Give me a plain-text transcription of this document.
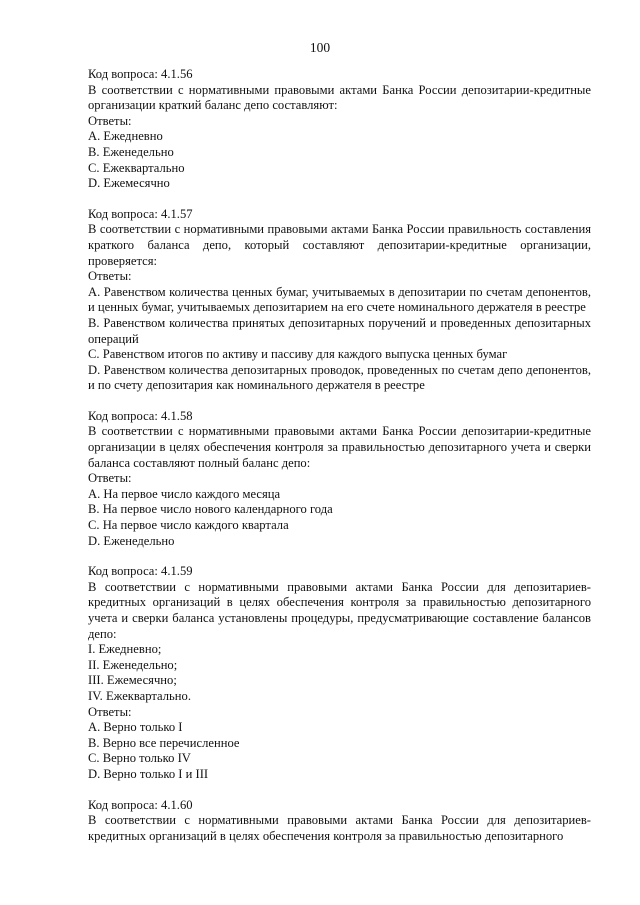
100
Код вопроса: 4.1.56
В соответствии с нормативными правовыми актами Банка России депозитарии-кредитные организации краткий баланс депо составляют:
Ответы:
A. Ежедневно
B. Еженедельно
C. Ежеквартально
D. Ежемесячно
Код вопроса: 4.1.57
В соответствии с нормативными правовыми актами Банка России правильность составления краткого баланса депо, который составляют депозитарии-кредитные организации, проверяется:
Ответы:
A. Равенством количества ценных бумаг, учитываемых в депозитарии по счетам депонентов, и ценных бумаг, учитываемых депозитарием на его счете номинального держателя в реестре
B. Равенством количества принятых депозитарных поручений и проведенных депозитарных операций
C. Равенством итогов по активу и пассиву для каждого выпуска ценных бумаг
D. Равенством количества депозитарных проводок, проведенных по счетам депо депонентов, и по счету депозитария как номинального держателя в реестре
Код вопроса: 4.1.58
В соответствии с нормативными правовыми актами Банка России депозитарии-кредитные организации в целях обеспечения контроля за правильностью депозитарного учета и сверки баланса составляют полный баланс депо:
Ответы:
A. На первое число каждого месяца
B. На первое число нового календарного года
C. На первое число каждого квартала
D. Еженедельно
Код вопроса: 4.1.59
В соответствии с нормативными правовыми актами Банка России для депозитариев-кредитных организаций в целях обеспечения контроля за правильностью депозитарного учета и сверки баланса установлены процедуры, предусматривающие составление балансов депо:
I. Ежедневно;
II. Еженедельно;
III. Ежемесячно;
IV. Ежеквартально.
Ответы:
A. Верно только I
B. Верно все перечисленное
C. Верно только IV
D. Верно только I и III
Код вопроса: 4.1.60
В соответствии с нормативными правовыми актами Банка России для депозитариев-кредитных организаций в целях обеспечения контроля за правильностью депозитарного
